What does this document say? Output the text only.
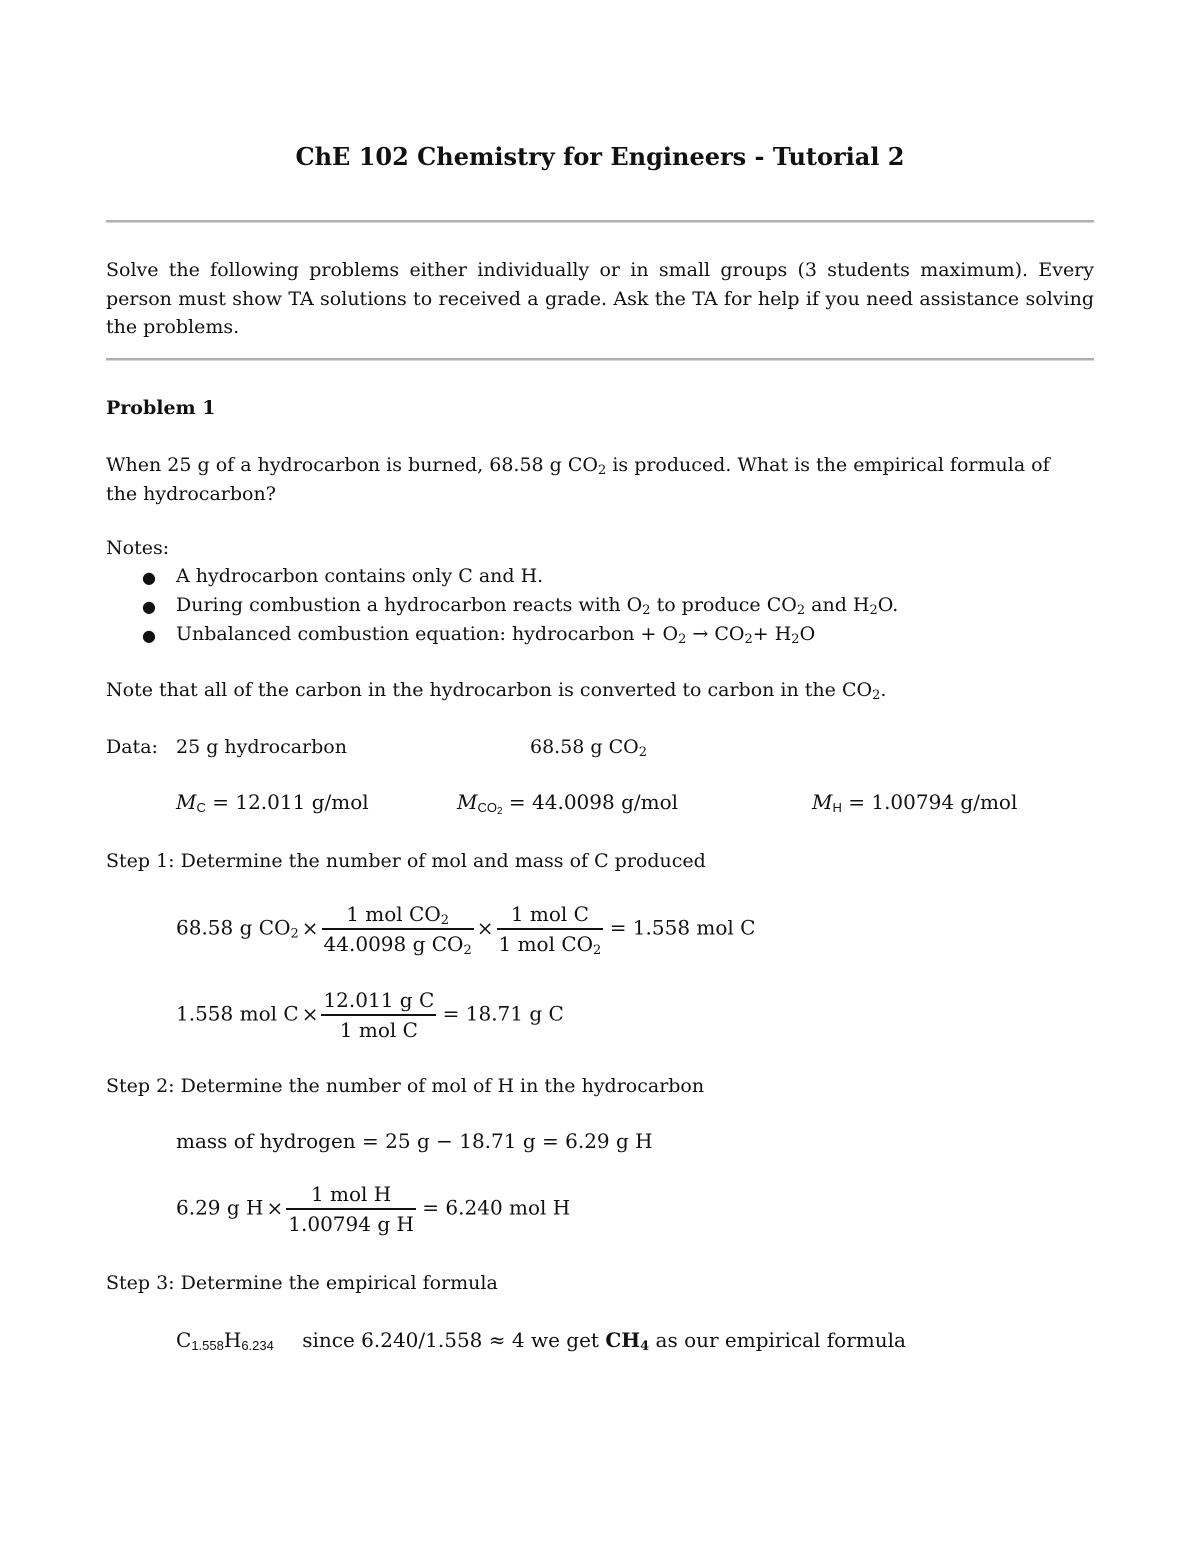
ChE 102 Chemistry for Engineers - Tutorial 2
Solve the following problems either individually or in small groups (3 students maximum). Every person must show TA solutions to received a grade. Ask the TA for help if you need assistance solving the problems.
Problem 1
When 25 g of a hydrocarbon is burned, 68.58 g $CO_2$ is produced. What is the empirical formula of
the hydrocarbon?
Notes:
● A hydrocarbon contains only C and H.
● During combustion a hydrocarbon reacts with $O_2$ to produce $CO_2$ and $H_2O$.
● Unbalanced combustion equation: hydrocarbon + $O_2 \to CO_2+ H_2O$
Note that all of the carbon in the hydrocarbon is converted to carbon in the $CO_2$.
Data: 25 g hydrocarbon	68.58 g $CO_2$
MC = 12.011 g/mol	MCO2 = 44.0098 g/mol	MH = 1.00794 g/mol
Step 1: Determine the number of mol and mass of C produced
68.58 g $CO_2 \times \frac{1 mol CO_2}{44.0098 g CO_2} \times \frac{\text{1 mol C}}{1 mol CO_2} = 1.558$ mol C
1.558 mol $C \times \frac{\text{12.011 g C}}{\text{1 mol C}} = 18.71$ g C
Step 2: Determine the number of mol of H in the hydrocarbon
mass of hydrogen = 25 g − 18.71 g = 6.29 g H
6.29 g $H \times \frac{\text{1 mol H}}{\text{1.00794 g H}} = 6.240$ mol H
Step 3: Determine the empirical formula
C1.558H6.234 since 6.240/1.558 ≈ 4 we get $CH_4$ as our empirical formula
